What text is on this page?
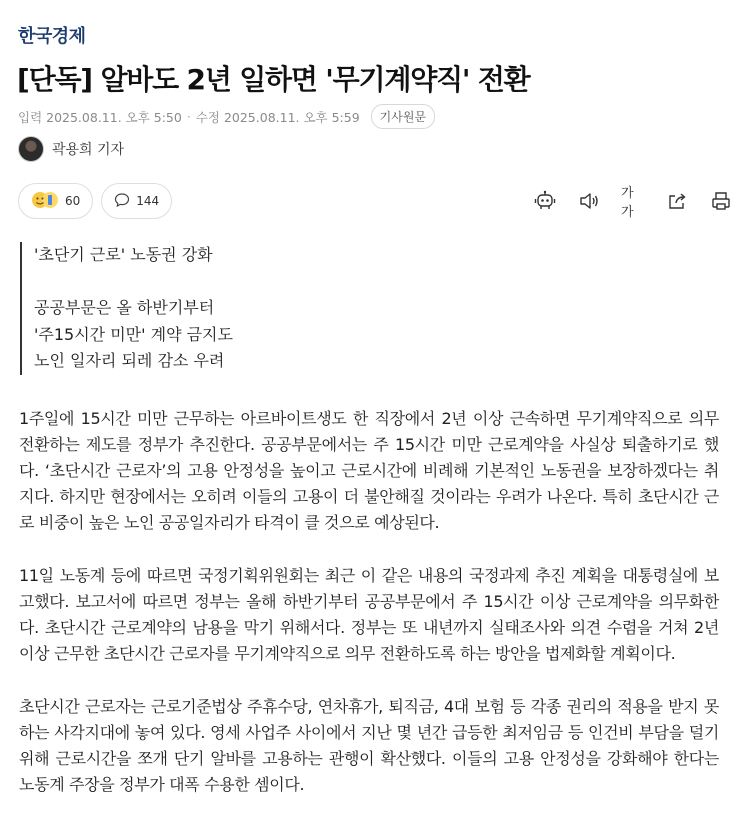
한국경제
[단독] 알바도 2년 일하면 '무기계약직' 전환
입력 2025.08.11. 오후 5:50 · 수정 2025.08.11. 오후 5:59	기사원문
곽용희 기자
60	144	가가
'초단기 근로' 노동권 강화
공공부문은 올 하반기부터
'주15시간 미만' 계약 금지도
노인 일자리 되레 감소 우려

1주일에 15시간 미만 근무하는 아르바이트생도 한 직장에서 2년 이상 근속하면 무기계약직으로 의무 전환하는 제도를 정부가 추진한다. 공공부문에서는 주 15시간 미만 근로계약을 사실상 퇴출하기로 했다. ‘초단시간 근로자’의 고용 안정성을 높이고 근로시간에 비례해 기본적인 노동권을 보장하겠다는 취지다. 하지만 현장에서는 오히려 이들의 고용이 더 불안해질 것이라는 우려가 나온다. 특히 초단시간 근로 비중이 높은 노인 공공일자리가 타격이 클 것으로 예상된다.

11일 노동계 등에 따르면 국정기획위원회는 최근 이 같은 내용의 국정과제 추진 계획을 대통령실에 보고했다. 보고서에 따르면 정부는 올해 하반기부터 공공부문에서 주 15시간 이상 근로계약을 의무화한다. 초단시간 근로계약의 남용을 막기 위해서다. 정부는 또 내년까지 실태조사와 의견 수렴을 거쳐 2년 이상 근무한 초단시간 근로자를 무기계약직으로 의무 전환하도록 하는 방안을 법제화할 계획이다.

초단시간 근로자는 근로기준법상 주휴수당, 연차휴가, 퇴직금, 4대 보험 등 각종 권리의 적용을 받지 못하는 사각지대에 놓여 있다. 영세 사업주 사이에서 지난 몇 년간 급등한 최저임금 등 인건비 부담을 덜기 위해 근로시간을 쪼개 단기 알바를 고용하는 관행이 확산했다. 이들의 고용 안정성을 강화해야 한다는 노동계 주장을 정부가 대폭 수용한 셈이다.
